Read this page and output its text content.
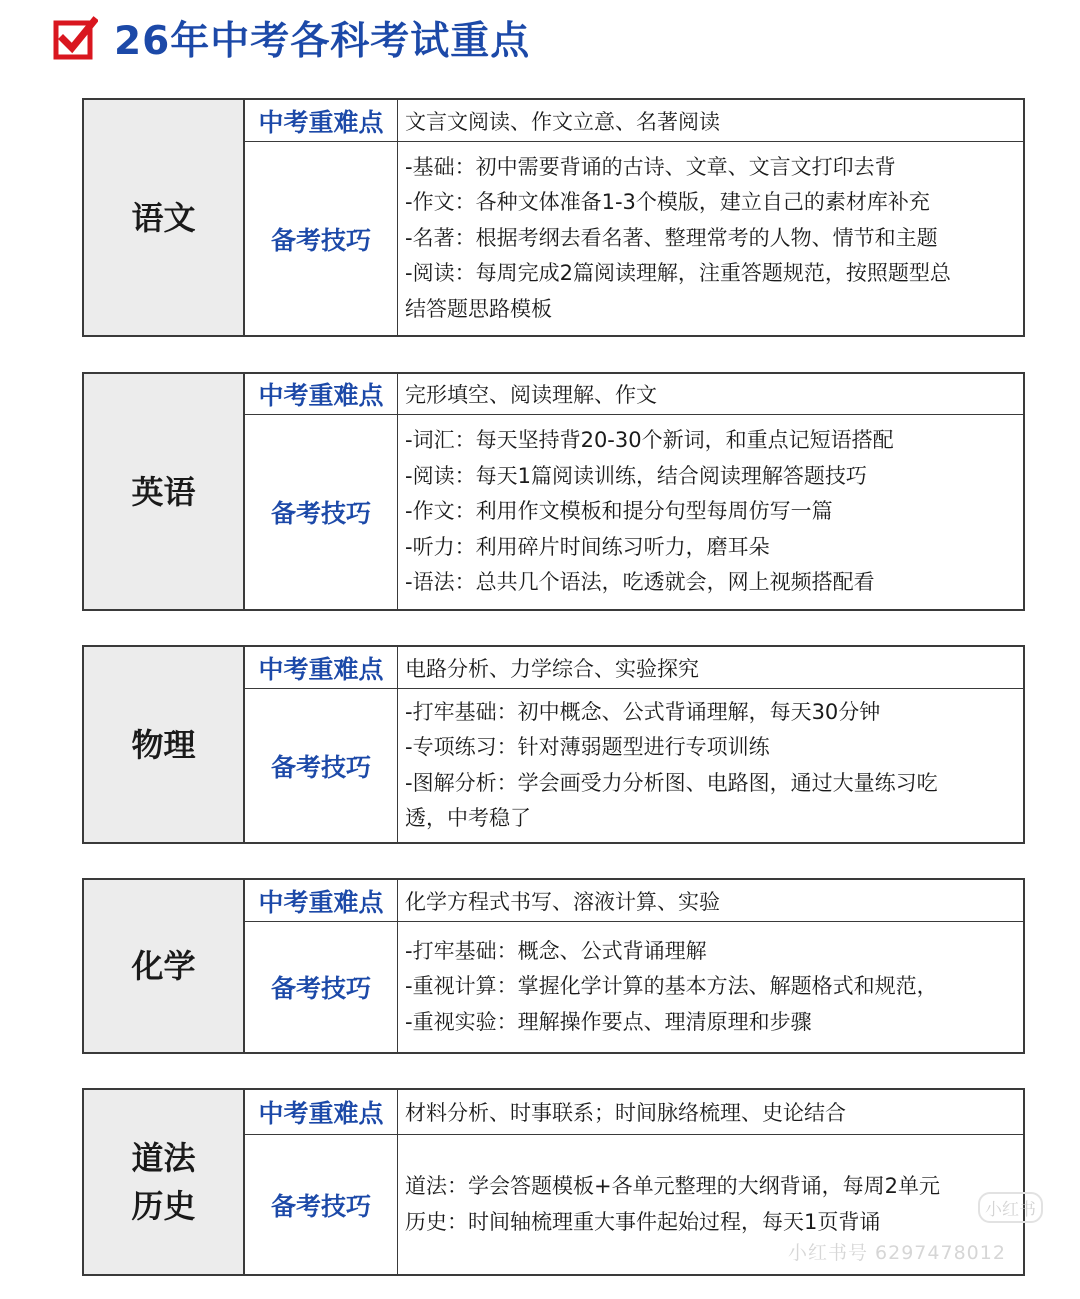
26年中考各科考试重点
语文
中考重难点	文言文阅读、作文立意、名著阅读
备考技巧
-基础：初中需要背诵的古诗、文章、文言文打印去背
-作文：各种文体准备1-3个模版，建立自己的素材库补充
-名著：根据考纲去看名著、整理常考的人物、情节和主题
-阅读：每周完成2篇阅读理解，注重答题规范，按照题型总
结答题思路模板
英语
中考重难点	完形填空、阅读理解、作文
备考技巧
-词汇：每天坚持背20-30个新词，和重点记短语搭配
-阅读：每天1篇阅读训练，结合阅读理解答题技巧
-作文：利用作文模板和提分句型每周仿写一篇
-听力：利用碎片时间练习听力，磨耳朵
-语法：总共几个语法，吃透就会，网上视频搭配看
物理
中考重难点	电路分析、力学综合、实验探究
备考技巧
-打牢基础：初中概念、公式背诵理解，每天30分钟
-专项练习：针对薄弱题型进行专项训练
-图解分析：学会画受力分析图、电路图，通过大量练习吃
透，中考稳了
化学
中考重难点	化学方程式书写、溶液计算、实验
备考技巧
-打牢基础：概念、公式背诵理解
-重视计算：掌握化学计算的基本方法、解题格式和规范，
-重视实验：理解操作要点、理清原理和步骤
道法
历史
中考重难点	材料分析、时事联系；时间脉络梳理、史论结合
备考技巧
道法：学会答题模板+各单元整理的大纲背诵，每周2单元
历史：时间轴梳理重大事件起始过程，每天1页背诵	小红书
小红书号 6297478012
